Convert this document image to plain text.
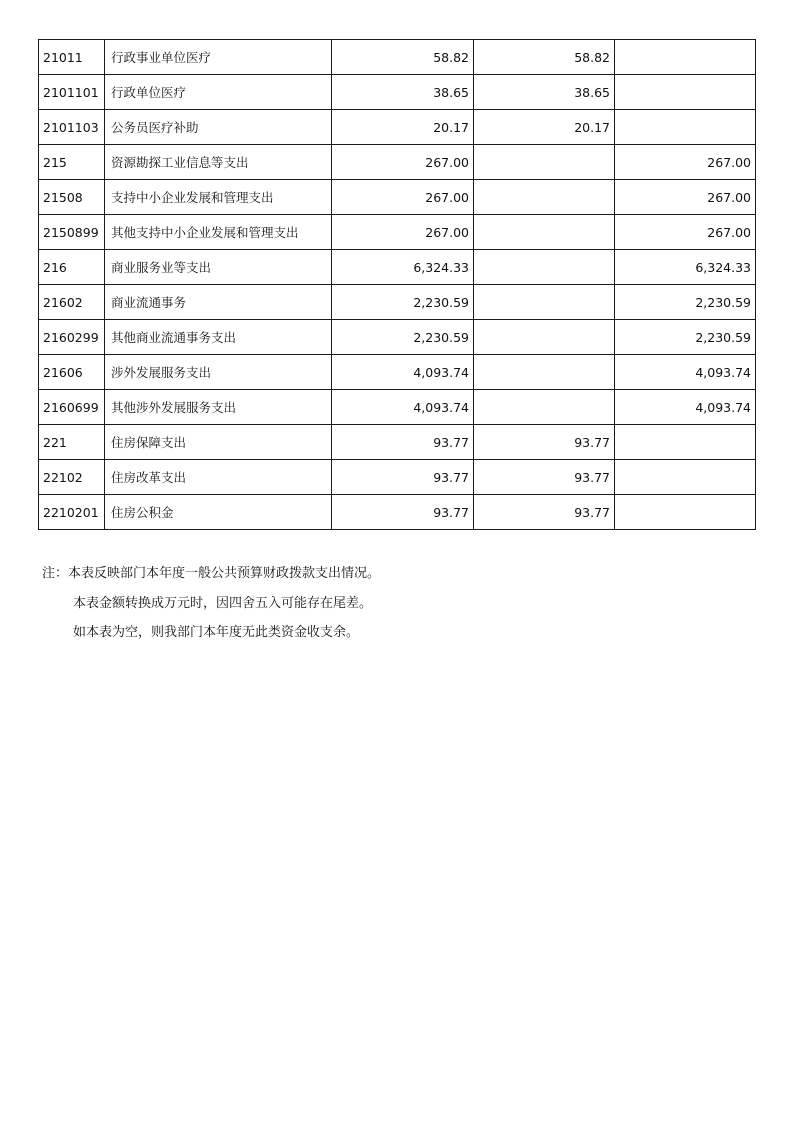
21011	行政事业单位医疗	58.82	58.82	
2101101	行政单位医疗	38.65	38.65	
2101103	公务员医疗补助	20.17	20.17	
215	资源勘探工业信息等支出	267.00		267.00
21508	支持中小企业发展和管理支出	267.00		267.00
2150899	其他支持中小企业发展和管理支出	267.00		267.00
216	商业服务业等支出	6,324.33		6,324.33
21602	商业流通事务	2,230.59		2,230.59
2160299	其他商业流通事务支出	2,230.59		2,230.59
21606	涉外发展服务支出	4,093.74		4,093.74
2160699	其他涉外发展服务支出	4,093.74		4,093.74
221	住房保障支出	93.77	93.77	
22102	住房改革支出	93.77	93.77	
2210201	住房公积金	93.77	93.77	
注：本表反映部门本年度一般公共预算财政拨款支出情况。
本表金额转换成万元时，因四舍五入可能存在尾差。
如本表为空，则我部门本年度无此类资金收支余。
